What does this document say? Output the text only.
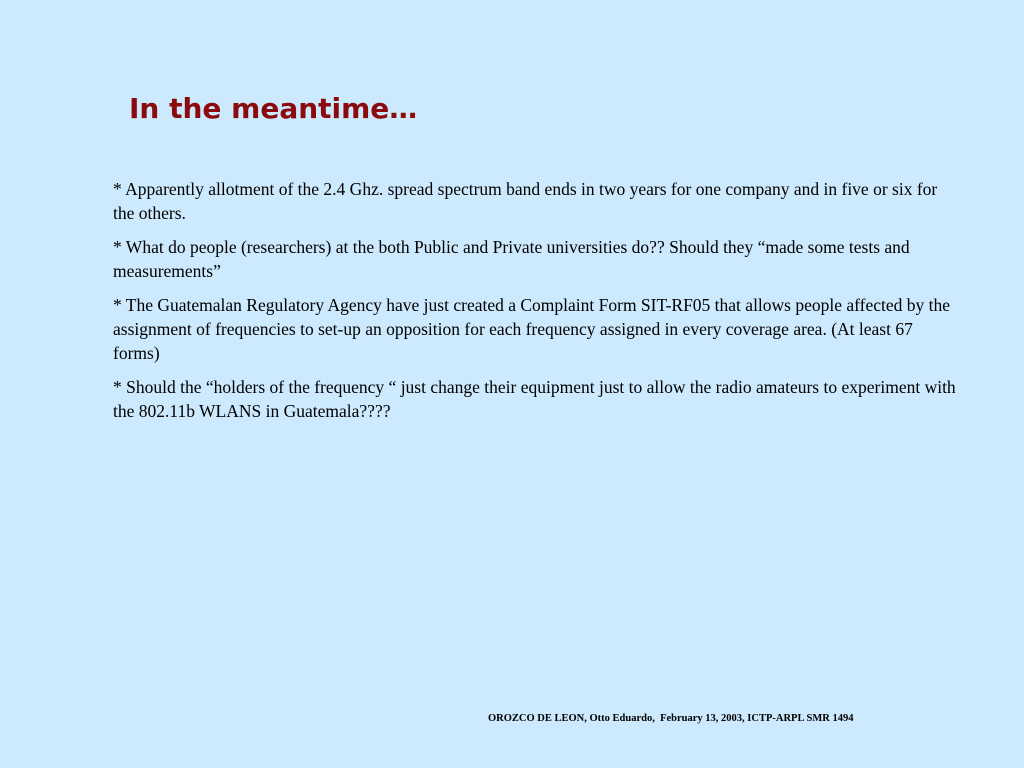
In the meantime…

* Apparently allotment of the 2.4 Ghz. spread spectrum band ends in two years for one company and in five or six for the others.

* What do people (researchers) at the both Public and Private universities do?? Should they “made some tests and measurements”

* The Guatemalan Regulatory Agency have just created a Complaint Form SIT-RF05 that allows people affected by the assignment of frequencies to set-up an opposition for each frequency assigned in every coverage area. (At least 67 forms)

* Should the “holders of the frequency “ just change their equipment just to allow the radio amateurs to experiment with the 802.11b WLANS in Guatemala????

OROZCO DE LEON, Otto Eduardo,  February 13, 2003, ICTP-ARPL SMR 1494
